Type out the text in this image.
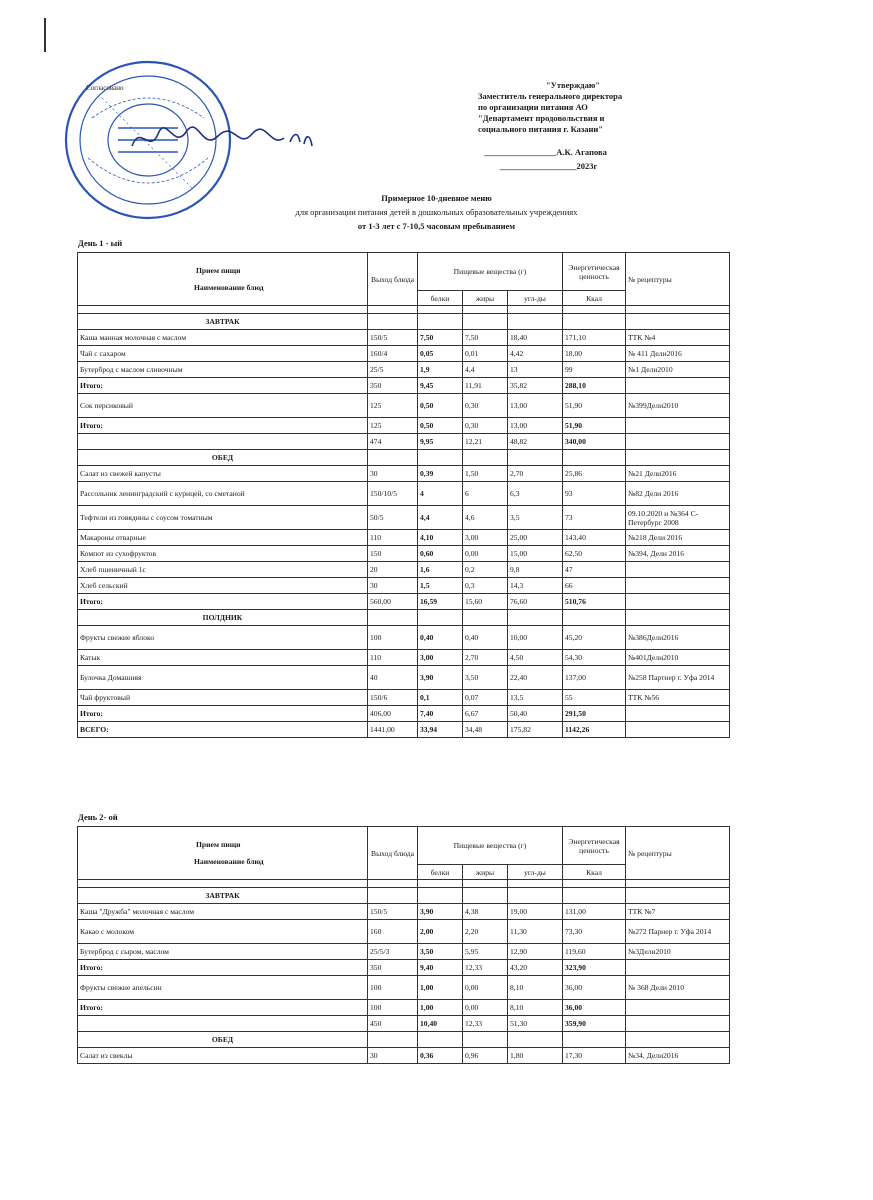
"Утверждаю"
Заместитель генерального директора
по организации питания АО
"Департамент продовольствия и
социального питания г. Казани"
_________________А.К. Агапова
__________________2023г
Согласовано
Примерное 10-дневное меню
для организации питания детей в дошкольных образовательных учреждениях
от 1-3 лет с 7-10,5 часовым пребыванием
День 1 - ый
Прием пищи
Наименование блюд	Выход блюда	Пищевые вещества (г)			Энергетическая ценность	№ рецептуры
		белки	жиры	угл-ды	Ккал	

ЗАВТРАК						
Каша манная молочная с маслом	150/5	7,50	7,50	18,40	171,10	ТТК №4
Чай с сахаром	160/4	0,05	0,01	4,42	18,00	№ 411 Дели2016
Бутерброд с маслом сливочным	25/5	1,9	4,4	13	99	№1 Дели2010
Итого:	350	9,45	11,91	35,82	288,10	
Сок персиковый	125	0,50	0,30	13,00	51,90	№399Дели2010
Итого:	125	0,50	0,30	13,00	51,90	
	474	9,95	12,21	48,82	340,00	
ОБЕД						
Салат из свежей капусты	30	0,39	1,50	2,70	25,86	№21 Дели2016
Рассольник ленинградский с курицей, со сметаной	150/10/5	4	6	6,3	93	№82 Дели 2016
Тефтели из говядины с соусом томатным	50/5	4,4	4,6	3,5	73	09.10.2020 и №364 С-Петербург 2008
Макароны отварные	110	4,10	3,00	25,00	143,40	№218 Дели 2016
Компот из сухофруктов	150	0,60	0,00	15,00	62,50	№394, Дели 2016
Хлеб пшеничный 1с	20	1,6	0,2	9,8	47	
Хлеб сельский	30	1,5	0,3	14,3	66	
Итого:	560,00	16,59	15,60	76,60	510,76	
ПОЛДНИК						
Фрукты свежие яблоко	100	0,40	0,40	10,00	45,20	№386Дели2016
Катык	110	3,00	2,70	4,50	54,30	№401Дели2010
Булочка Домашняя	40	3,90	3,50	22,40	137,00	№258 Партнер г. Уфа 2014
Чай фруктовый	150/6	0,1	0,07	13,5	55	ТТК №56
Итого:	406,00	7,40	6,67	50,40	291,50	
ВСЕГО:	1441,00	33,94	34,48	175,82	1142,26	
День 2- ой
Прием пищи
Наименование блюд	Выход блюда	Пищевые вещества (г)			Энергетическая ценность	№ рецептуры
		белки	жиры	угл-ды	Ккал	

ЗАВТРАК						
Каша "Дружба" молочная с маслом	150/5	3,90	4,38	19,00	131,00	ТТК №7
Какао с молоком	160	2,00	2,20	11,30	73,30	№272 Парнер г. Уфа 2014
Бутерброд с сыром, маслом	25/5/3	3,50	5,95	12,90	119,60	№3Дели2010
Итого:	350	9,40	12,33	43,20	323,90	
Фрукты свежие апельсин	100	1,00	0,00	8,10	36,00	№ 368 Дели 2010
Итого:	100	1,00	0,00	8,10	36,00	
	450	10,40	12,33	51,30	359,90	
ОБЕД						
Салат из свеклы	30	0,36	0,96	1,80	17,30	№34, Дели2016
